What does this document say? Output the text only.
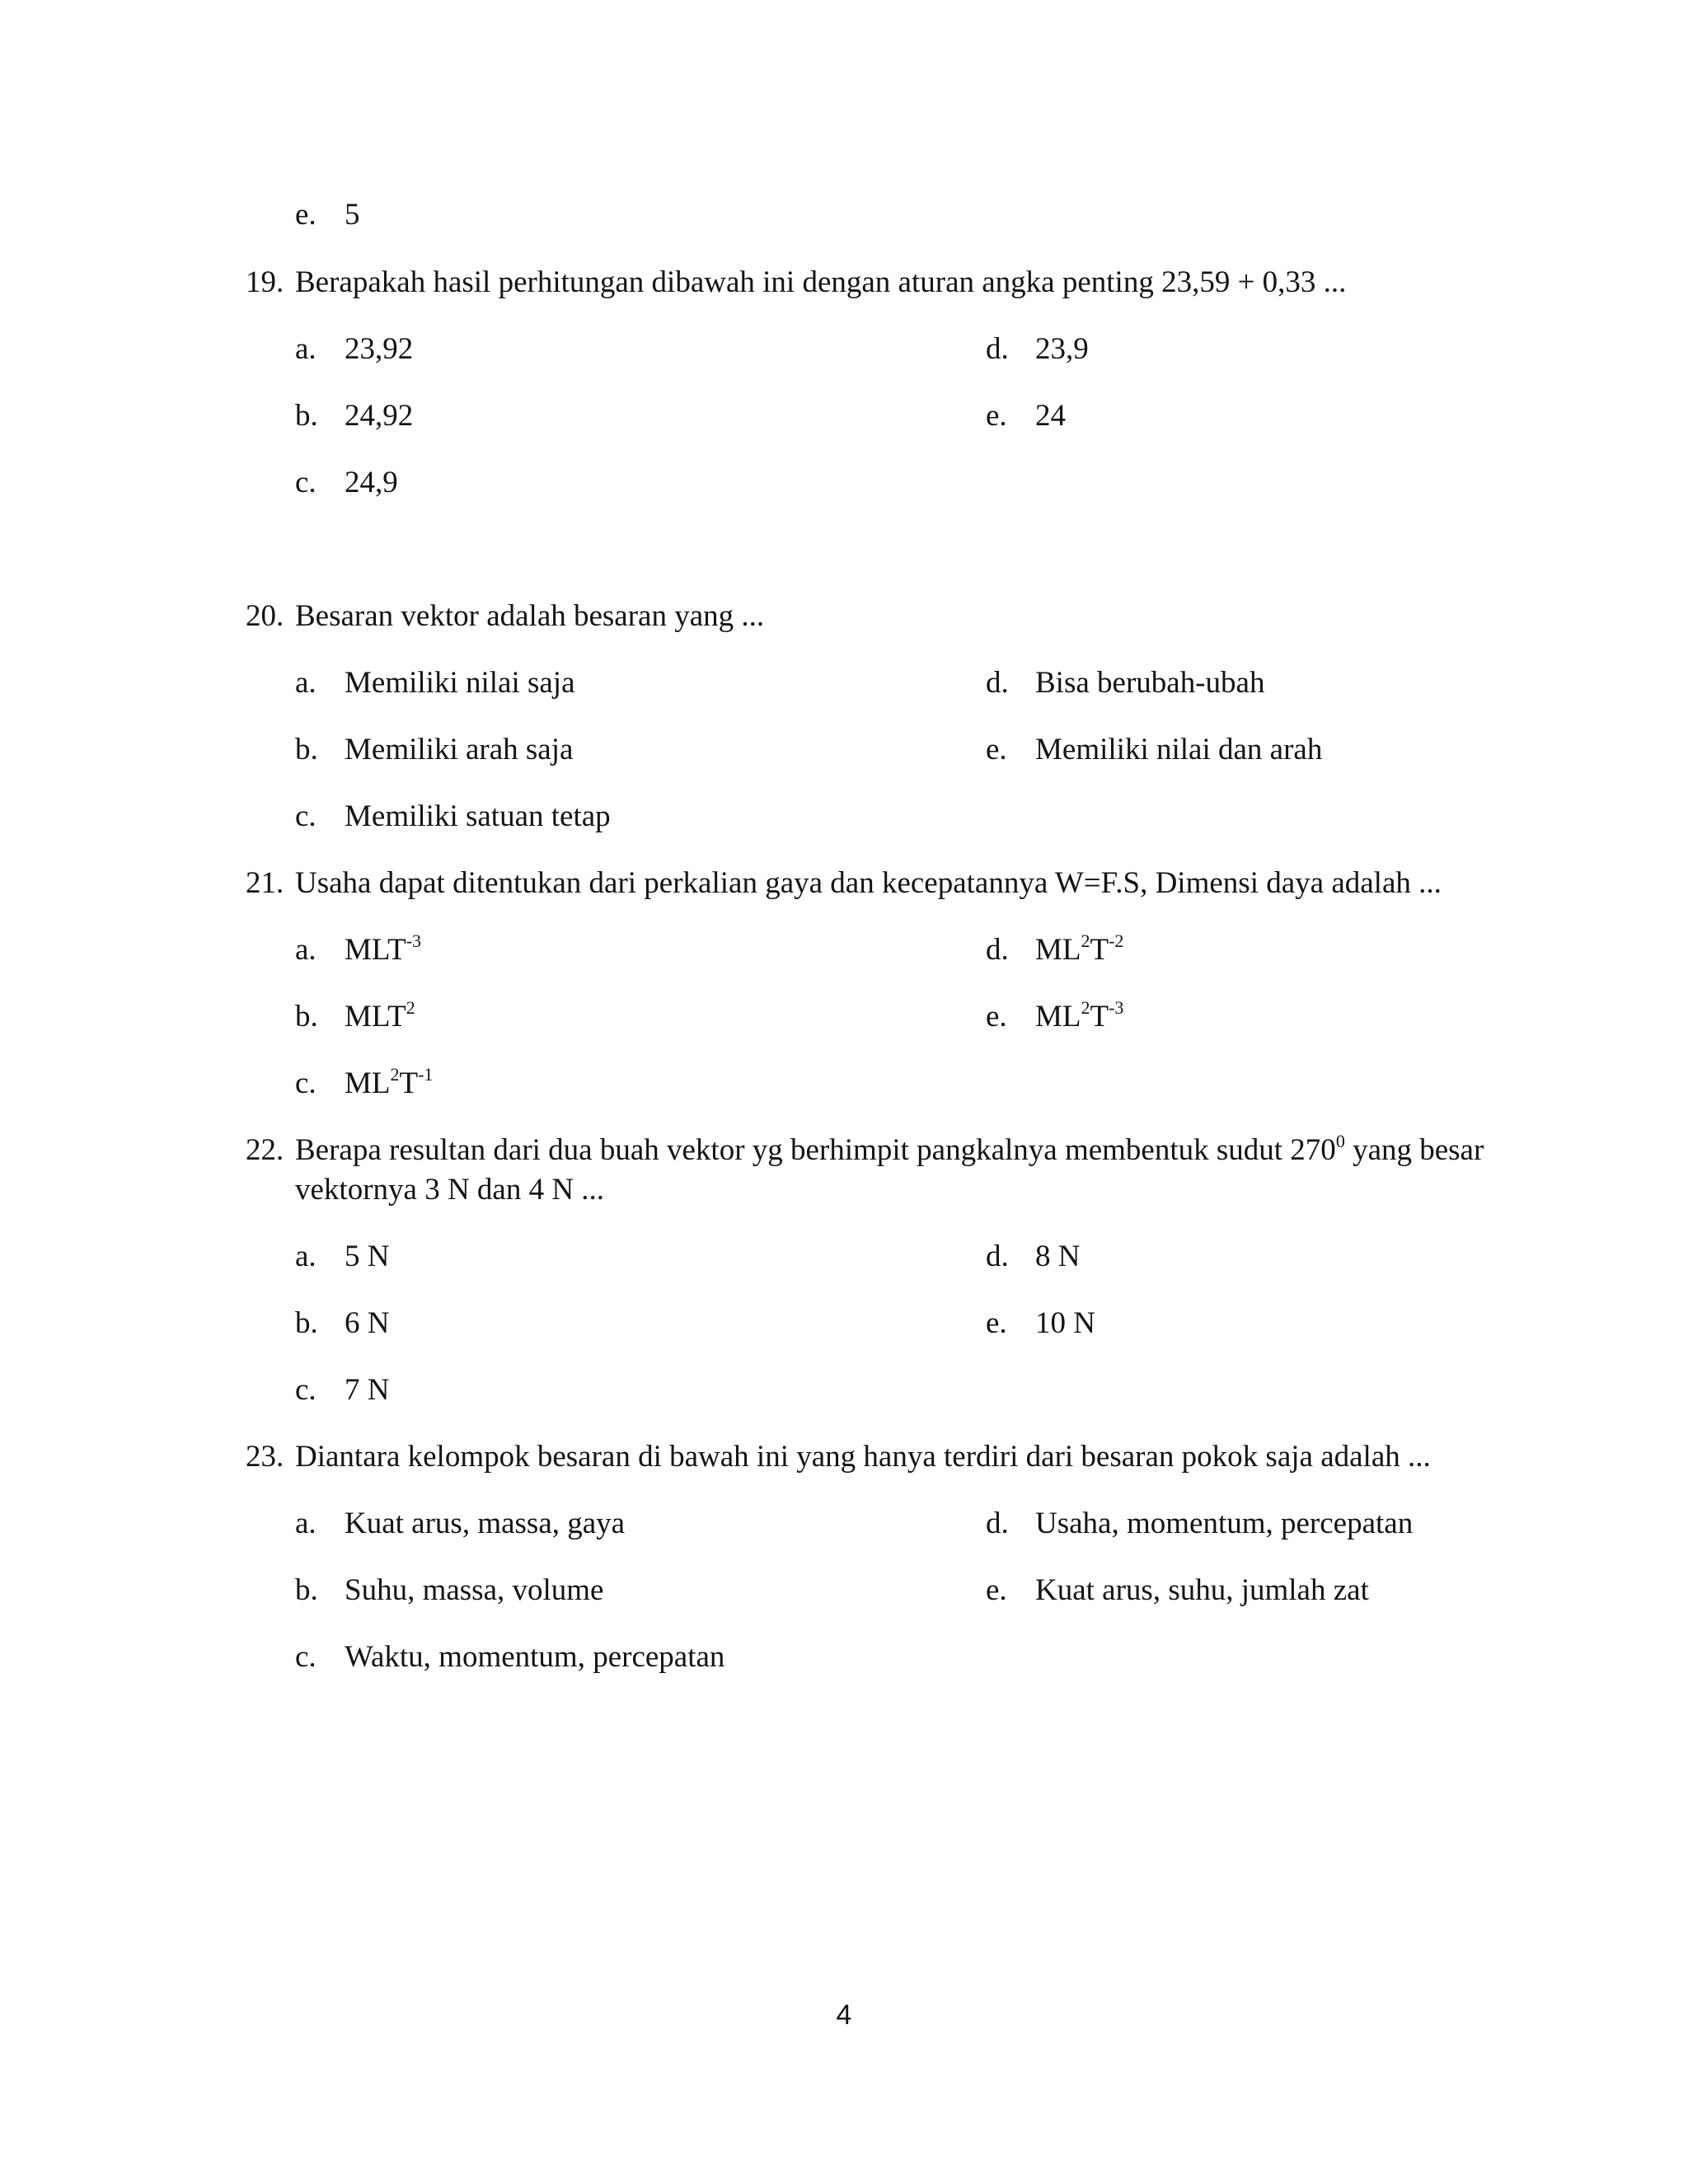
e. 5
19. Berapakah hasil perhitungan dibawah ini dengan aturan angka penting 23,59 + 0,33 ...
a. 23,92	d. 23,9
b. 24,92	e. 24
c. 24,9
20. Besaran vektor adalah besaran yang ...
a. Memiliki nilai saja	d. Bisa berubah-ubah
b. Memiliki arah saja	e. Memiliki nilai dan arah
c. Memiliki satuan tetap
21. Usaha dapat ditentukan dari perkalian gaya dan kecepatannya W=F.S, Dimensi daya adalah ...
a. $MLT^{-3}$	d. $ML^2T^{-2}$
b. MLT$^2$	e. $ML^2T^{-3}$
c. $ML^2T^{-1}$
22. Berapa resultan dari dua buah vektor yg berhimpit pangkalnya membentuk sudut $270^0$ yang besar
vektornya 3 N dan 4 N ...
a. 5 N	d. 8 N
b. 6 N	e. 10 N
c. 7 N
23. Diantara kelompok besaran di bawah ini yang hanya terdiri dari besaran pokok saja adalah ...
a. Kuat arus, massa, gaya	d. Usaha, momentum, percepatan
b. Suhu, massa, volume	e. Kuat arus, suhu, jumlah zat
c. Waktu, momentum, percepatan
4
